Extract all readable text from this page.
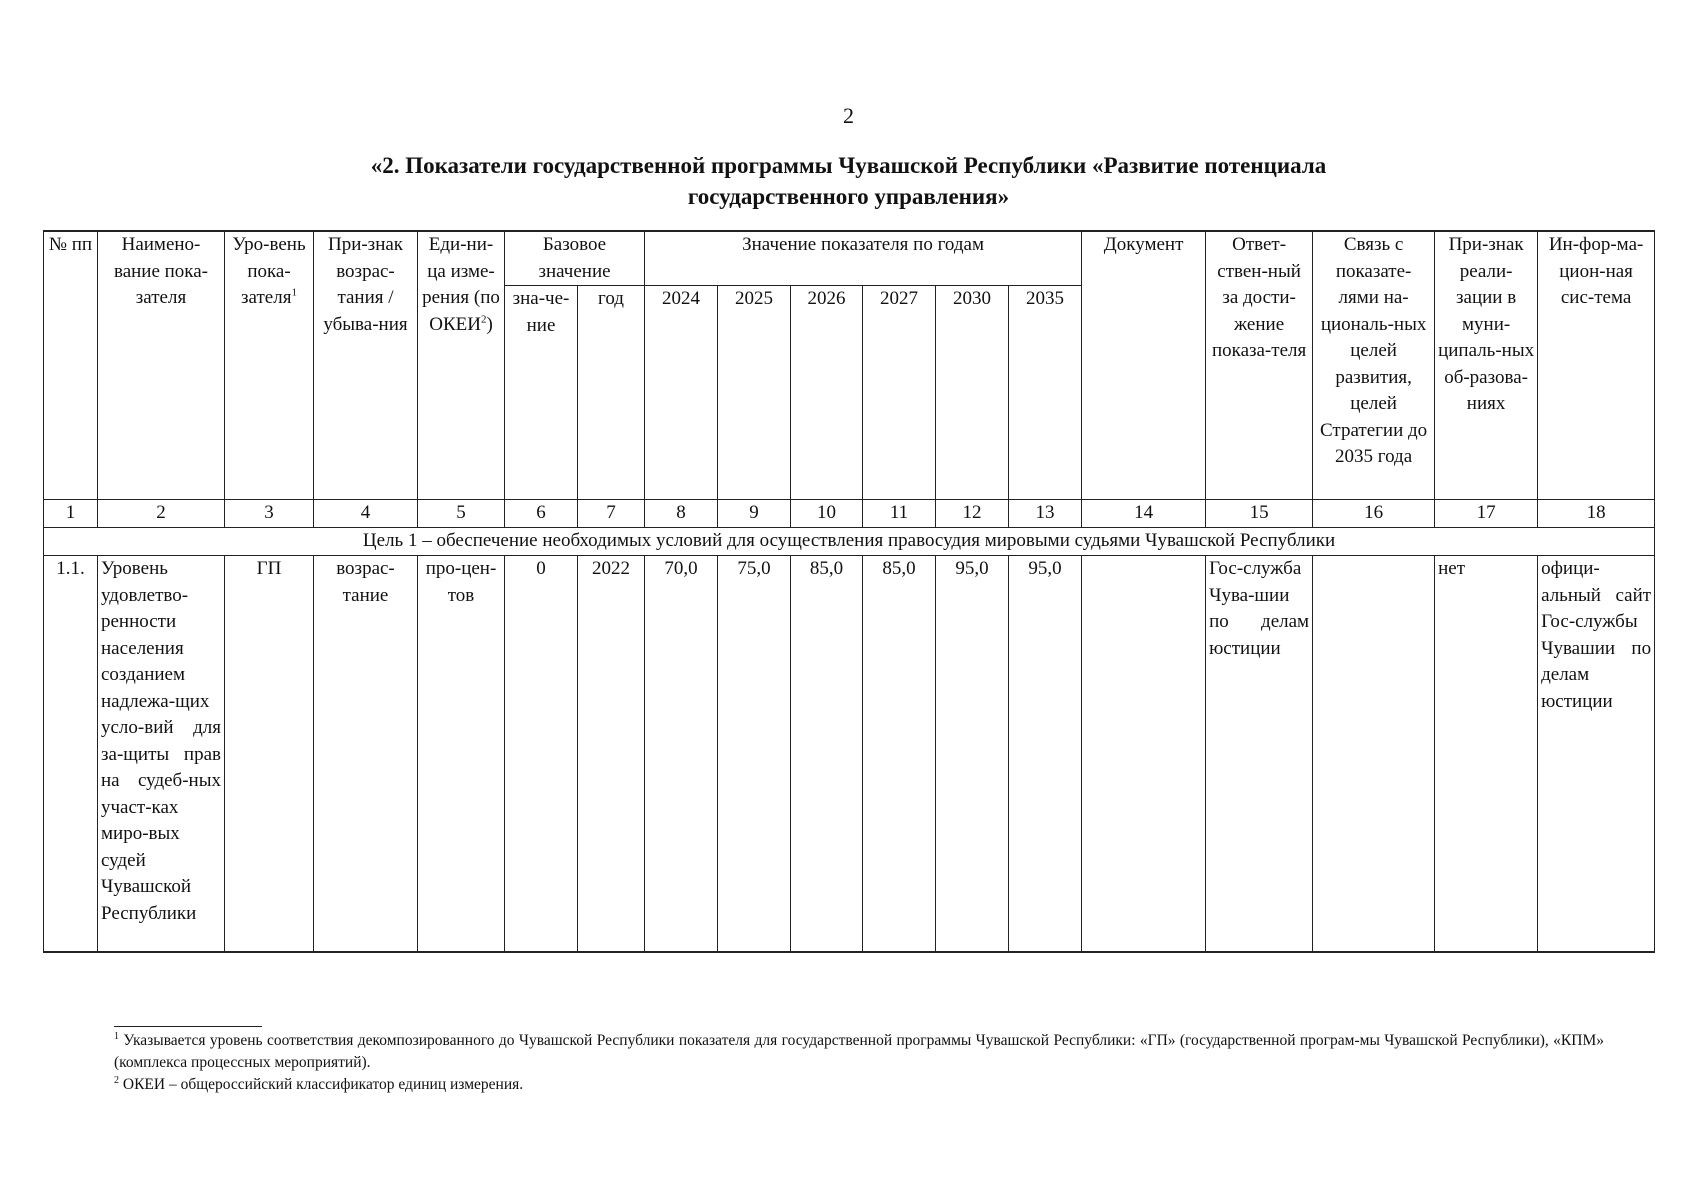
2
«2. Показатели государственной программы Чувашской Республики «Развитие потенциала
государственного управления»
№ пп	Наимено-вание пока-зателя	Уро-вень пока-зателя$^1$	При-знак возрас-тания / убыва-ния	Еди-ни-ца изме-рения (по ОКЕИ$^2$)	Базовое значение		Значение показателя по годам						Документ	Ответ-ствен-ный за дости-жение показа-теля	Связь с показате-лями на-циональ-ных целей развития, целей Стратегии до 2035 года	При-знак реали-зации в муни-ципаль-ных об-разова-ниях	Ин-фор-ма-цион-ная сис-тема
					зна-че-ние	год	2024	2025	2026	2027	2030	2035					
1	2	3	4	5	6	7	8	9	10	11	12	13	14	15	16	17	18
Цель 1 – обеспечение необходимых условий для осуществления правосудия мировыми судьями Чувашской Республики																	
1.1.	Уровень удовлетво-ренности населения созданием надлежа-щих усло-вий для за-щиты прав на судеб-ных участ-ках миро-вых судей Чувашской Республики	ГП	возрас-тание	про-цен-тов	0	2022	70,0	75,0	85,0	85,0	95,0	95,0		Гос-служба Чува-шии по делам юстиции		нет	офици-альный сайт Гос-службы Чувашии по делам юстиции

$^1$ Указывается уровень соответствия декомпозированного до Чувашской Республики показателя для государственной программы Чувашской Республики: «ГП» (государственной програм-мы Чувашской Республики), «КПМ» (комплекса процессных мероприятий).

$^2$ ОКЕИ – общероссийский классификатор единиц измерения.
